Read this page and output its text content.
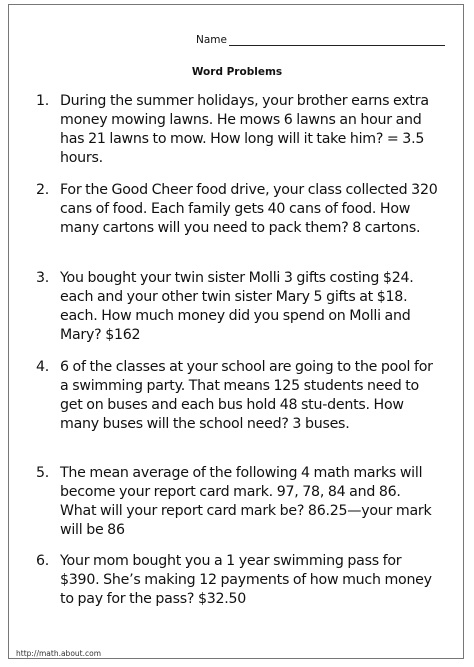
Name
Word Problems
1. During the summer holidays, your brother earns extra money mowing lawns. He mows 6 lawns an hour and has 21 lawns to mow. How long will it take him? = 3.5 hours.
2. For the Good Cheer food drive, your class collected 320 cans of food. Each family gets 40 cans of food. How many cartons will you need to pack them? 8 cartons.
3. You bought your twin sister Molli 3 gifts costing $24. each and your other twin sister Mary 5 gifts at $18. each. How much money did you spend on Molli and Mary? $162
4. 6 of the classes at your school are going to the pool for a swimming party. That means 125 students need to get on buses and each bus hold 48 stu-dents. How many buses will the school need? 3 buses.
5. The mean average of the following 4 math marks will become your report card mark. 97, 78, 84 and 86. What will your report card mark be? 86.25—your mark will be 86
6. Your mom bought you a 1 year swimming pass for $390. She’s making 12 payments of how much money to pay for the pass? $32.50
http://math.about.com
